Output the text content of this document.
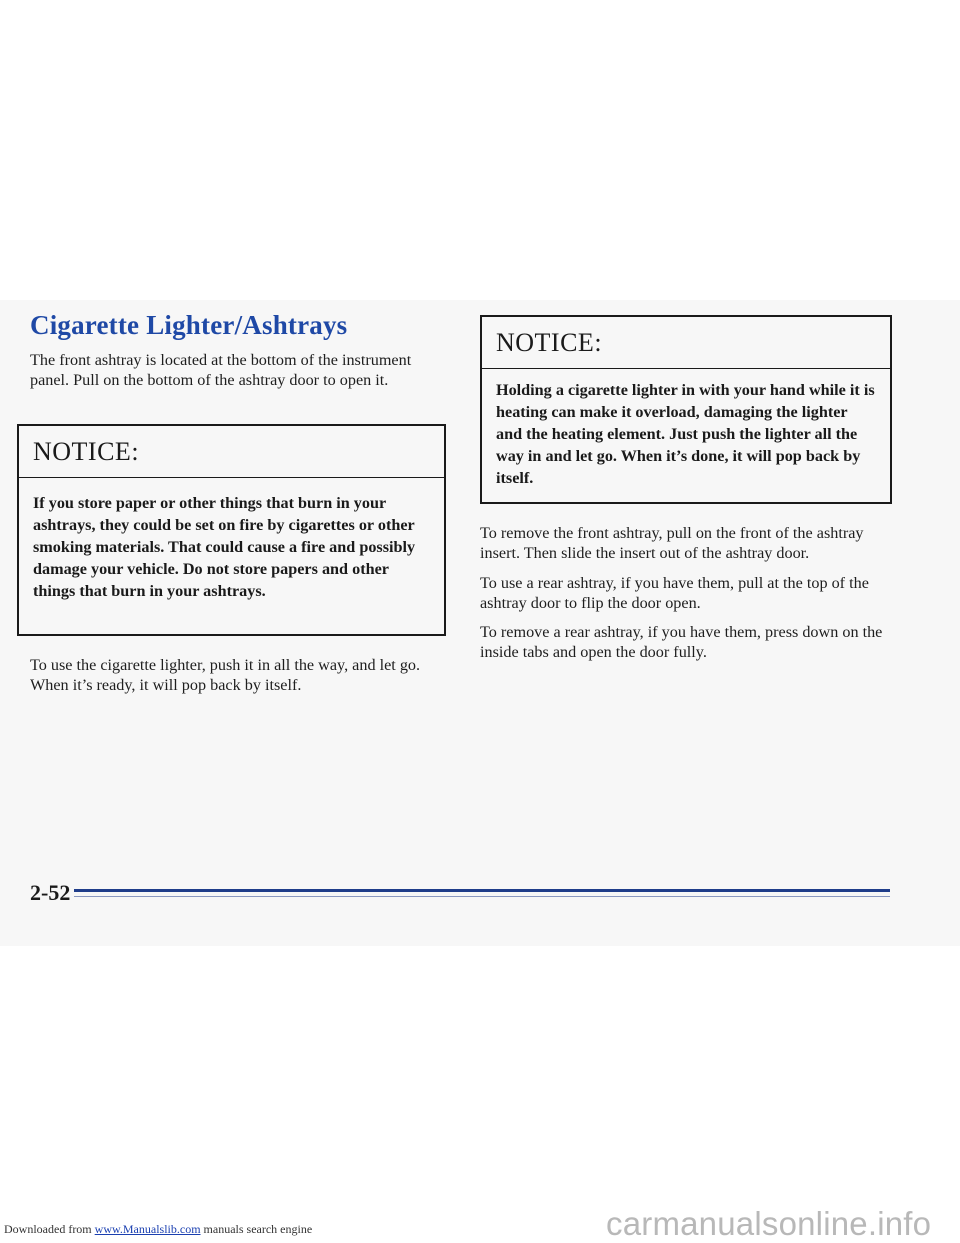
Cigarette Lighter/Ashtrays

The front ashtray is located at the bottom of the instrument panel. Pull on the bottom of the ashtray door to open it.

NOTICE:
If you store paper or other things that burn in your ashtrays, they could be set on fire by cigarettes or other smoking materials. That could cause a fire and possibly damage your vehicle. Do not store papers and other things that burn in your ashtrays.

To use the cigarette lighter, push it in all the way, and let go. When it’s ready, it will pop back by itself.

NOTICE:
Holding a cigarette lighter in with your hand while it is heating can make it overload, damaging the lighter and the heating element. Just push the lighter all the way in and let go. When it’s done, it will pop back by itself.

To remove the front ashtray, pull on the front of the ashtray insert. Then slide the insert out of the ashtray door.

To use a rear ashtray, if you have them, pull at the top of the ashtray door to flip the door open.

To remove a rear ashtray, if you have them, press down on the inside tabs and open the door fully.

2-52
Downloaded from www.Manualslib.com manuals search engine	carmanualsonline.info
